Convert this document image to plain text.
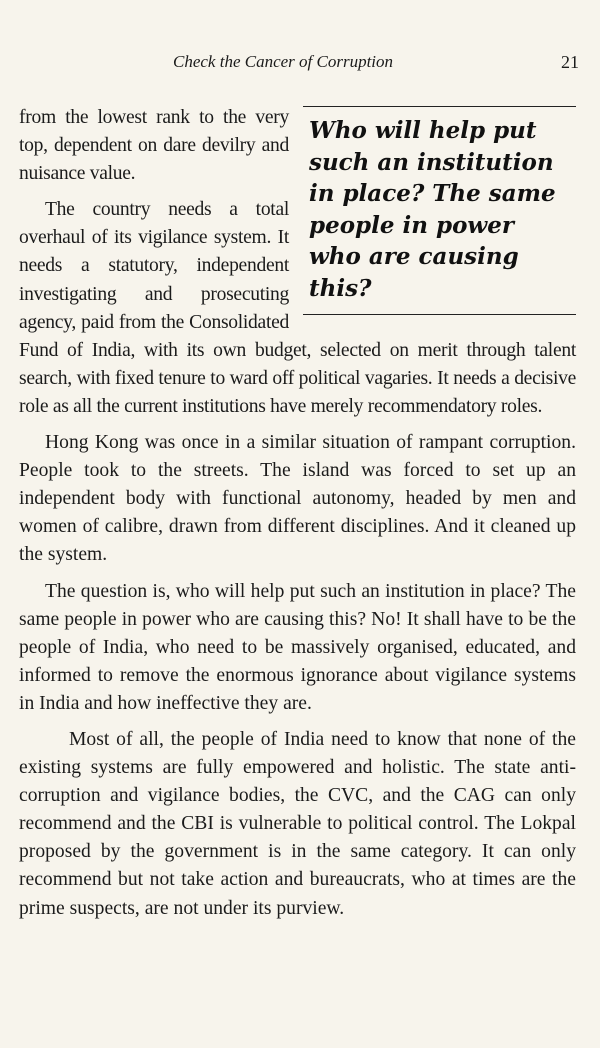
Check the Cancer of Corruption	21
Who will help put such an institution in place? The same people in power who are causing this?

from the lowest rank to the very top, dependent on dare devilry and nuisance value.

The country needs a total overhaul of its vigilance system. It needs a statutory, independent investigating and prosecuting agency, paid from the Consolidated Fund of India, with its own budget, selected on merit through talent search, with fixed tenure to ward off political vagaries. It needs a decisive role as all the current institutions have merely recommendatory roles.

Hong Kong was once in a similar situation of rampant corruption. People took to the streets. The island was forced to set up an independent body with functional autonomy, headed by men and women of calibre, drawn from different disciplines. And it cleaned up the system.

The question is, who will help put such an institution in place? The same people in power who are causing this? No! It shall have to be the people of India, who need to be massively organised, educated, and informed to remove the enormous ignorance about vigilance systems in India and how ineffective they are.

Most of all, the people of India need to know that none of the existing systems are fully empowered and holistic. The state anti-corruption and vigilance bodies, the CVC, and the CAG can only recommend and the CBI is vulnerable to political control. The Lokpal proposed by the government is in the same category. It can only recommend but not take action and bureaucrats, who at times are the prime suspects, are not under its purview.
